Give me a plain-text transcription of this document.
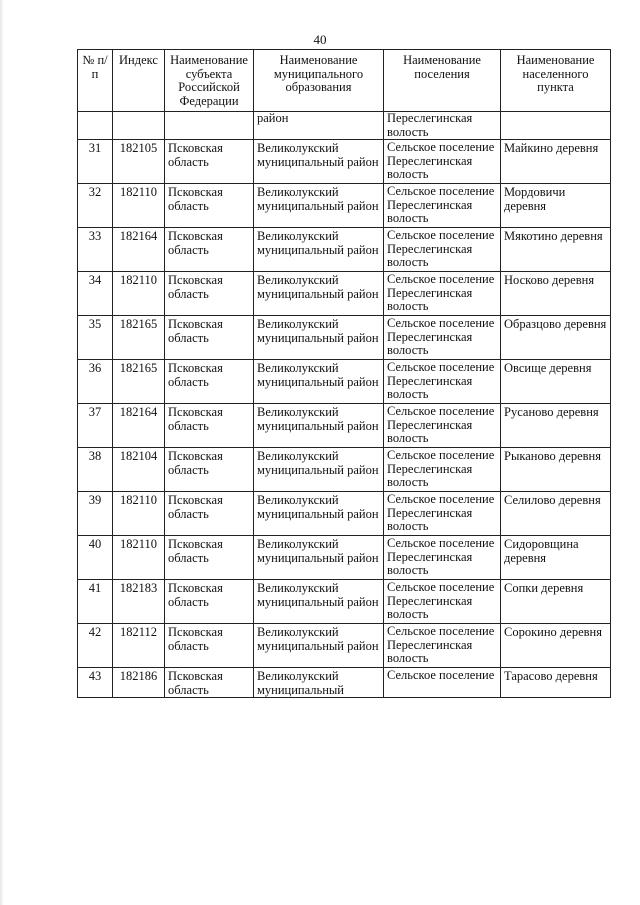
40
№ п/п	Индекс	Наименование субъекта Российской Федерации	Наименование муниципального образования	Наименование поселения	Наименование населенного пункта
			район	Переслегинская волость	
31	182105	Псковская область	Великолукский муниципальный район	Сельское поселение Переслегинская волость	Майкино деревня
32	182110	Псковская область	Великолукский муниципальный район	Сельское поселение Переслегинская волость	Мордовичи деревня
33	182164	Псковская область	Великолукский муниципальный район	Сельское поселение Переслегинская волость	Мякотино деревня
34	182110	Псковская область	Великолукский муниципальный район	Сельское поселение Переслегинская волость	Носково деревня
35	182165	Псковская область	Великолукский муниципальный район	Сельское поселение Переслегинская волость	Образцово деревня
36	182165	Псковская область	Великолукский муниципальный район	Сельское поселение Переслегинская волость	Овсище деревня
37	182164	Псковская область	Великолукский муниципальный район	Сельское поселение Переслегинская волость	Русаново деревня
38	182104	Псковская область	Великолукский муниципальный район	Сельское поселение Переслегинская волость	Рыканово деревня
39	182110	Псковская область	Великолукский муниципальный район	Сельское поселение Переслегинская волость	Селилово деревня
40	182110	Псковская область	Великолукский муниципальный район	Сельское поселение Переслегинская волость	Сидоровщина деревня
41	182183	Псковская область	Великолукский муниципальный район	Сельское поселение Переслегинская волость	Сопки деревня
42	182112	Псковская область	Великолукский муниципальный район	Сельское поселение Переслегинская волость	Сорокино деревня
43	182186	Псковская область	Великолукский муниципальный	Сельское поселение	Тарасово деревня
